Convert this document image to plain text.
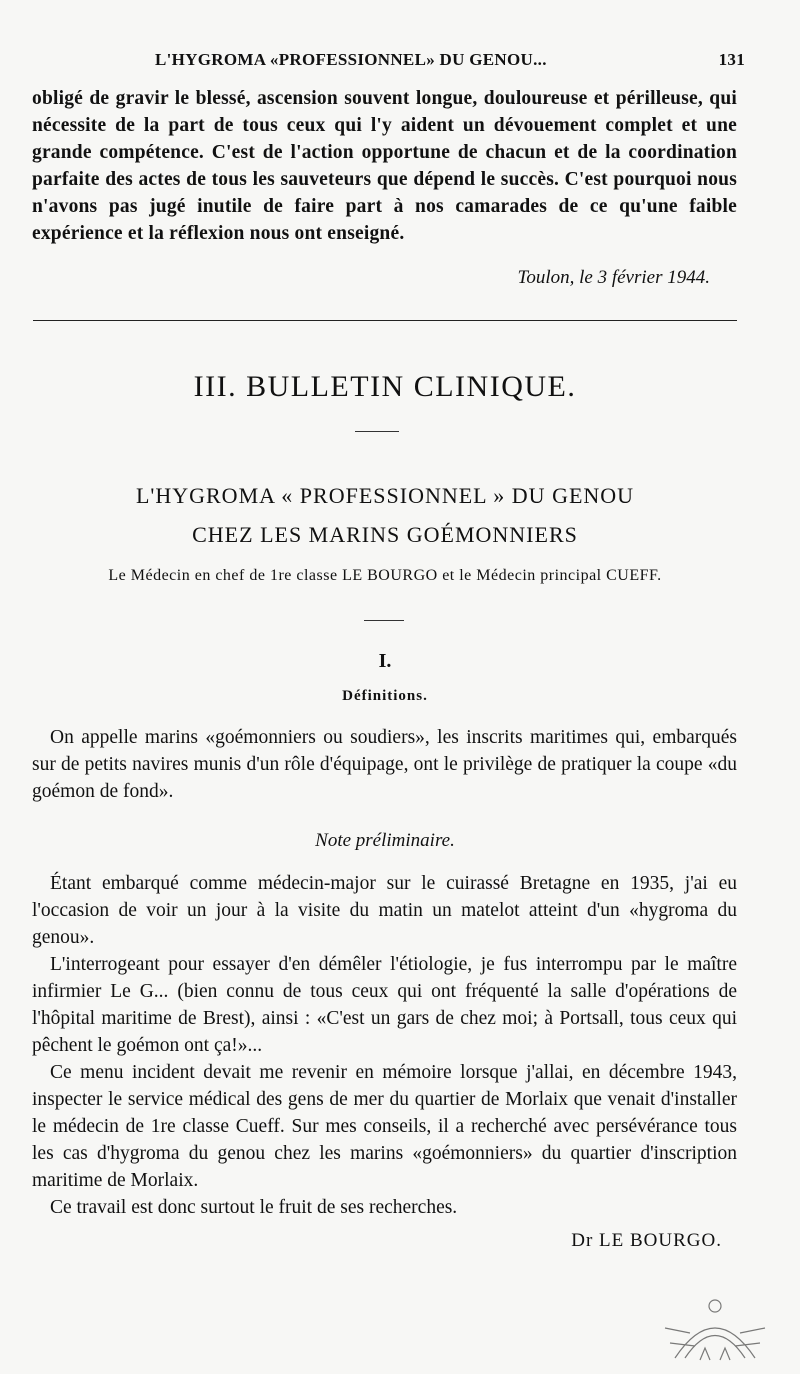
L'HYGROMA «PROFESSIONNEL» DU GENOU...	131
obligé de gravir le blessé, ascension souvent longue, douloureuse et périlleuse, qui nécessite de la part de tous ceux qui l'y aident un dévouement complet et une grande compétence. C'est de l'action opportune de chacun et de la coordination parfaite des actes de tous les sauveteurs que dépend le succès. C'est pourquoi nous n'avons pas jugé inutile de faire part à nos camarades de ce qu'une faible expérience et la réflexion nous ont enseigné.
Toulon, le 3 février 1944.
III. BULLETIN CLINIQUE.
L'HYGROMA « PROFESSIONNEL » DU GENOU
CHEZ LES MARINS GOÉMONNIERS
Le Médecin en chef de 1re classe LE BOURGO et le Médecin principal CUEFF.
I.
Définitions.
On appelle marins «goémonniers ou soudiers», les inscrits maritimes qui, embarqués sur de petits navires munis d'un rôle d'équipage, ont le privilège de pratiquer la coupe «du goémon de fond».
Note préliminaire.
Étant embarqué comme médecin-major sur le cuirassé Bretagne en 1935, j'ai eu l'occasion de voir un jour à la visite du matin un matelot atteint d'un «hygroma du genou».
L'interrogeant pour essayer d'en démêler l'étiologie, je fus interrompu par le maître infirmier Le G... (bien connu de tous ceux qui ont fréquenté la salle d'opérations de l'hôpital maritime de Brest), ainsi : «C'est un gars de chez moi; à Portsall, tous ceux qui pêchent le goémon ont ça!»...
Ce menu incident devait me revenir en mémoire lorsque j'allai, en décembre 1943, inspecter le service médical des gens de mer du quartier de Morlaix que venait d'installer le médecin de 1re classe Cueff. Sur mes conseils, il a recherché avec persévérance tous les cas d'hygroma du genou chez les marins «goémonniers» du quartier d'inscription maritime de Morlaix.
Ce travail est donc surtout le fruit de ses recherches.
Dr LE BOURGO.
